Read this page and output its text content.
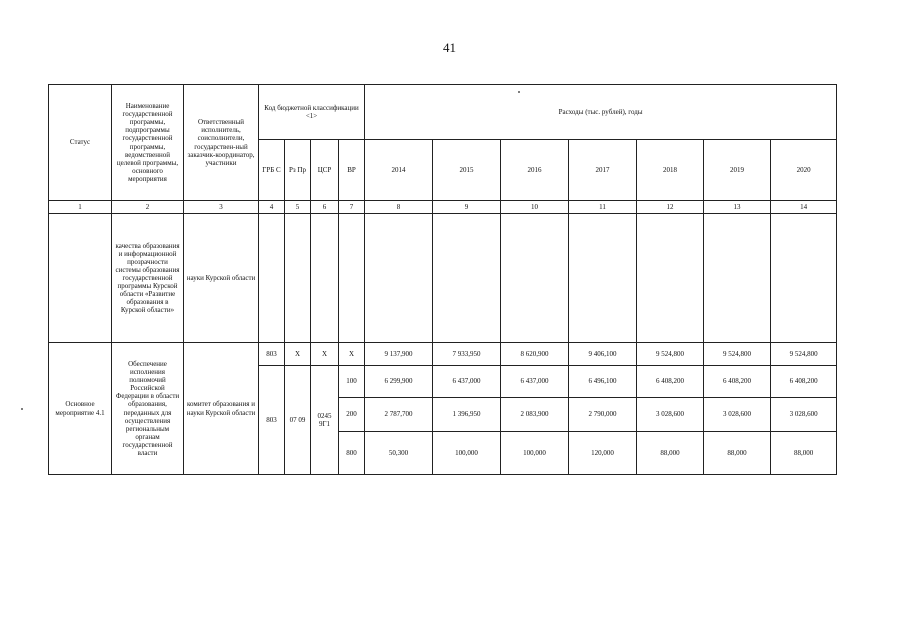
41
Статус	Наименование государственной программы, подпрограммы государственной программы, ведомственной целевой программы, основного мероприятия	Ответственный исполнитель, соисполнители, государствен-ный заказчик-координатор, участники	Код бюджетной классификации <1>				Расходы (тыс. рублей), годы						
			ГРБ С	Рз Пр	ЦСР	ВР	2014	2015	2016	2017	2018	2019	2020
1	2	3	4	5	6	7	8	9	10	11	12	13	14
	качества образования и информационной прозрачности системы образования государственной программы Курской области «Развитие образования в Курской области»	науки Курской области											
Основное мероприятие 4.1	Обеспечение исполнения полномочий Российской Федерации в области образования, переданных для осуществления региональным органам государственной власти	комитет образования и науки Курской области	803	X	X	X	9 137,900	7 933,950	8 620,900	9 406,100	9 524,800	9 524,800	9 524,800
			803	07 09	0245 9Г1	100	6 299,900	6 437,000	6 437,000	6 496,100	6 408,200	6 408,200	6 408,200
						200	2 787,700	1 396,950	2 083,900	2 790,000	3 028,600	3 028,600	3 028,600
						800	50,300	100,000	100,000	120,000	88,000	88,000	88,000
